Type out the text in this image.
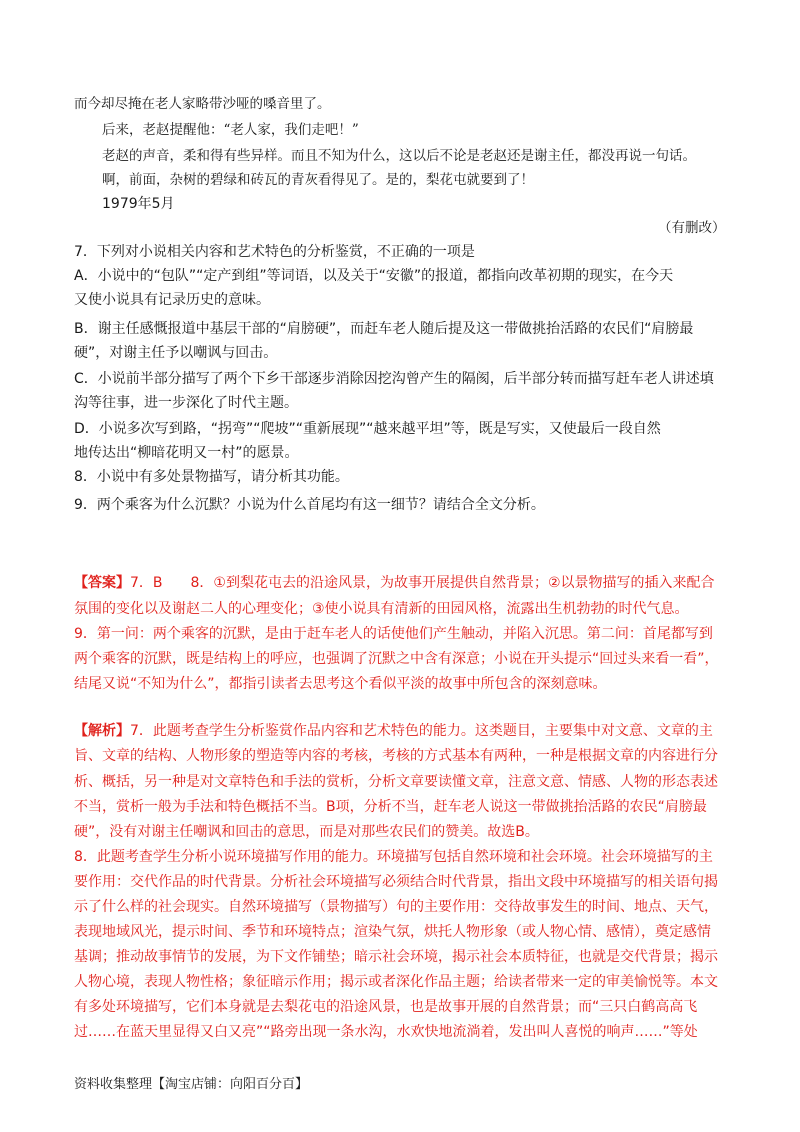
而今却尽掩在老人家略带沙哑的嗓音里了。
后来，老赵提醒他：“老人家，我们走吧！”
老赵的声音，柔和得有些异样。而且不知为什么，这以后不论是老赵还是谢主任，都没再说一句话。
啊，前面，杂树的碧绿和砖瓦的青灰看得见了。是的，梨花屯就要到了！
1979年5月
（有删改）
7．下列对小说相关内容和艺术特色的分析鉴赏，不正确的一项是
A．小说中的“包队”“定产到组”等词语，以及关于“安徽”的报道，都指向改革初期的现实，在今天
又使小说具有记录历史的意味。
B．谢主任感慨报道中基层干部的“肩膀硬”，而赶车老人随后提及这一带做挑抬活路的农民们“肩膀最
硬”，对谢主任予以嘲讽与回击。
C．小说前半部分描写了两个下乡干部逐步消除因挖沟曾产生的隔阂，后半部分转而描写赶车老人讲述填
沟等往事，进一步深化了时代主题。
D．小说多次写到路，“拐弯”“爬坡”“重新展现”“越来越平坦”等，既是写实，又使最后一段自然
地传达出“柳暗花明又一村”的愿景。
8．小说中有多处景物描写，请分析其功能。
9．两个乘客为什么沉默？小说为什么首尾均有这一细节？请结合全文分析。
【答案】7．B　　8．①到梨花屯去的沿途风景，为故事开展提供自然背景；②以景物描写的插入来配合
氛围的变化以及谢赵二人的心理变化；③使小说具有清新的田园风格，流露出生机勃勃的时代气息。
9．第一问：两个乘客的沉默，是由于赶车老人的话使他们产生触动，并陷入沉思。第二问：首尾都写到
两个乘客的沉默，既是结构上的呼应，也强调了沉默之中含有深意；小说在开头提示“回过头来看一看”，
结尾又说“不知为什么”，都指引读者去思考这个看似平淡的故事中所包含的深刻意味。
【解析】7．此题考查学生分析鉴赏作品内容和艺术特色的能力。这类题目，主要集中对文意、文章的主
旨、文章的结构、人物形象的塑造等内容的考核，考核的方式基本有两种，一种是根据文章的内容进行分
析、概括，另一种是对文章特色和手法的赏析，分析文章要读懂文章，注意文意、情感、人物的形态表述
不当，赏析一般为手法和特色概括不当。B项，分析不当，赶车老人说这一带做挑抬活路的农民“肩膀最
硬”，没有对谢主任嘲讽和回击的意思，而是对那些农民们的赞美。故选B。
8．此题考查学生分析小说环境描写作用的能力。环境描写包括自然环境和社会环境。社会环境描写的主
要作用：交代作品的时代背景。分析社会环境描写必须结合时代背景，指出文段中环境描写的相关语句揭
示了什么样的社会现实。自然环境描写（景物描写）句的主要作用：交待故事发生的时间、地点、天气，
表现地域风光，提示时间、季节和环境特点；渲染气氛，烘托人物形象（或人物心情、感情），奠定感情
基调；推动故事情节的发展，为下文作铺垫；暗示社会环境，揭示社会本质特征，也就是交代背景；揭示
人物心境，表现人物性格；象征暗示作用；揭示或者深化作品主题；给读者带来一定的审美愉悦等。本文
有多处环境描写，它们本身就是去梨花屯的沿途风景，也是故事开展的自然背景；而“三只白鹤高高飞
过……在蓝天里显得又白又亮”“路旁出现一条水沟，水欢快地流淌着，发出叫人喜悦的响声……”等处
资料收集整理【淘宝店铺：向阳百分百】
